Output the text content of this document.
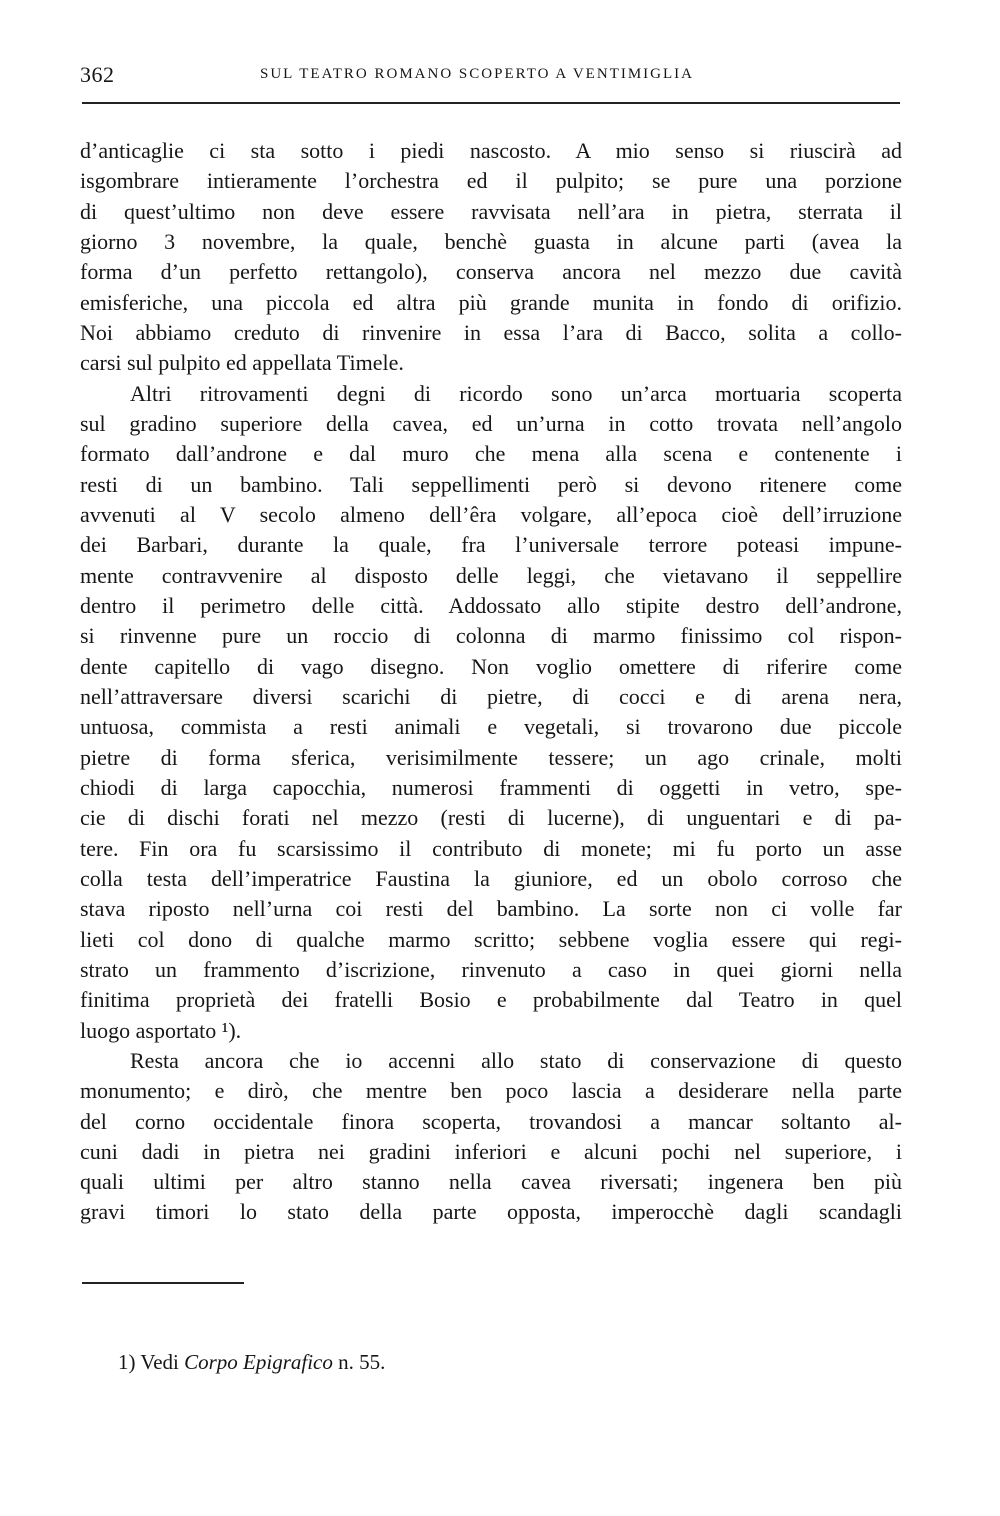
362	SUL TEATRO ROMANO SCOPERTO A VENTIMIGLIA
d’anticaglie ci sta sotto i piedi nascosto. A mio senso si riuscirà ad
isgombrare intieramente l’orchestra ed il pulpito; se pure una porzione
di quest’ultimo non deve essere ravvisata nell’ara in pietra, sterrata il
giorno 3 novembre, la quale, benchè guasta in alcune parti (avea la
forma d’un perfetto rettangolo), conserva ancora nel mezzo due cavità
emisferiche, una piccola ed altra più grande munita in fondo di orifizio.
Noi abbiamo creduto di rinvenire in essa l’ara di Bacco, solita a collo-
carsi sul pulpito ed appellata Timele.
Altri ritrovamenti degni di ricordo sono un’arca mortuaria scoperta
sul gradino superiore della cavea, ed un’urna in cotto trovata nell’angolo
formato dall’androne e dal muro che mena alla scena e contenente i
resti di un bambino. Tali seppellimenti però si devono ritenere come
avvenuti al V secolo almeno dell’êra volgare, all’epoca cioè dell’irruzione
dei Barbari, durante la quale, fra l’universale terrore poteasi impune-
mente contravvenire al disposto delle leggi, che vietavano il seppellire
dentro il perimetro delle città. Addossato allo stipite destro dell’androne,
si rinvenne pure un roccio di colonna di marmo finissimo col rispon-
dente capitello di vago disegno. Non voglio omettere di riferire come
nell’attraversare diversi scarichi di pietre, di cocci e di arena nera,
untuosa, commista a resti animali e vegetali, si trovarono due piccole
pietre di forma sferica, verisimilmente tessere; un ago crinale, molti
chiodi di larga capocchia, numerosi frammenti di oggetti in vetro, spe-
cie di dischi forati nel mezzo (resti di lucerne), di unguentari e di pa-
tere. Fin ora fu scarsissimo il contributo di monete; mi fu porto un asse
colla testa dell’imperatrice Faustina la giuniore, ed un obolo corroso che
stava riposto nell’urna coi resti del bambino. La sorte non ci volle far
lieti col dono di qualche marmo scritto; sebbene voglia essere qui regi-
strato un frammento d’iscrizione, rinvenuto a caso in quei giorni nella
finitima proprietà dei fratelli Bosio e probabilmente dal Teatro in quel
luogo asportato ¹).
Resta ancora che io accenni allo stato di conservazione di questo
monumento; e dirò, che mentre ben poco lascia a desiderare nella parte
del corno occidentale finora scoperta, trovandosi a mancar soltanto al-
cuni dadi in pietra nei gradini inferiori e alcuni pochi nel superiore, i
quali ultimi per altro stanno nella cavea riversati; ingenera ben più
gravi timori lo stato della parte opposta, imperocchè dagli scandagli
1) Vedi Corpo Epigrafico n. 55.
